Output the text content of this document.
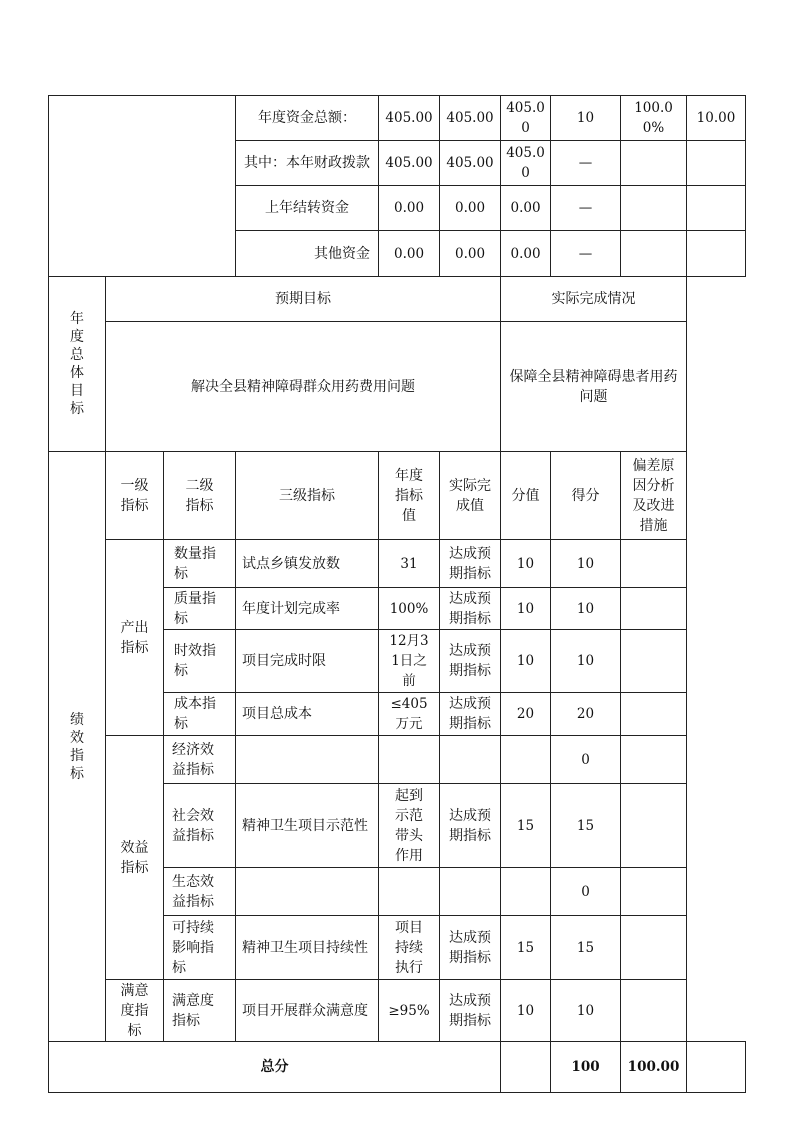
			年度资金总额：	405.00	405.00	405.00	10	100.00%	10.00
			其中：本年财政拨款	405.00	405.00	405.00	—		
			上年结转资金	0.00	0.00	0.00	—		
			其他资金	0.00	0.00	0.00	—		
年度总体目标	预期目标					实际完成情况			
	解决全县精神障碍群众用药费用问题					保障全县精神障碍患者用药问题			
绩效指标	一级指标	二级指标	三级指标	年度指标值	实际完成值	分值	得分	偏差原因分析及改进措施	
	产出指标	数量指标	试点乡镇发放数	31	达成预期指标	10	10		
		质量指标	年度计划完成率	100%	达成预期指标	10	10		
		时效指标	项目完成时限	12月31日之前	达成预期指标	10	10		
		成本指标	项目总成本	≤405万元	达成预期指标	20	20		
	效益指标	经济效益指标					0		
		社会效益指标	精神卫生项目示范性	起到示范带头作用	达成预期指标	15	15		
		生态效益指标					0		
		可持续影响指标	精神卫生项目持续性	项目持续执行	达成预期指标	15	15		
	满意度指标	满意度指标	项目开展群众满意度	≥95%	达成预期指标	10	10		
总分							100	100.00	
